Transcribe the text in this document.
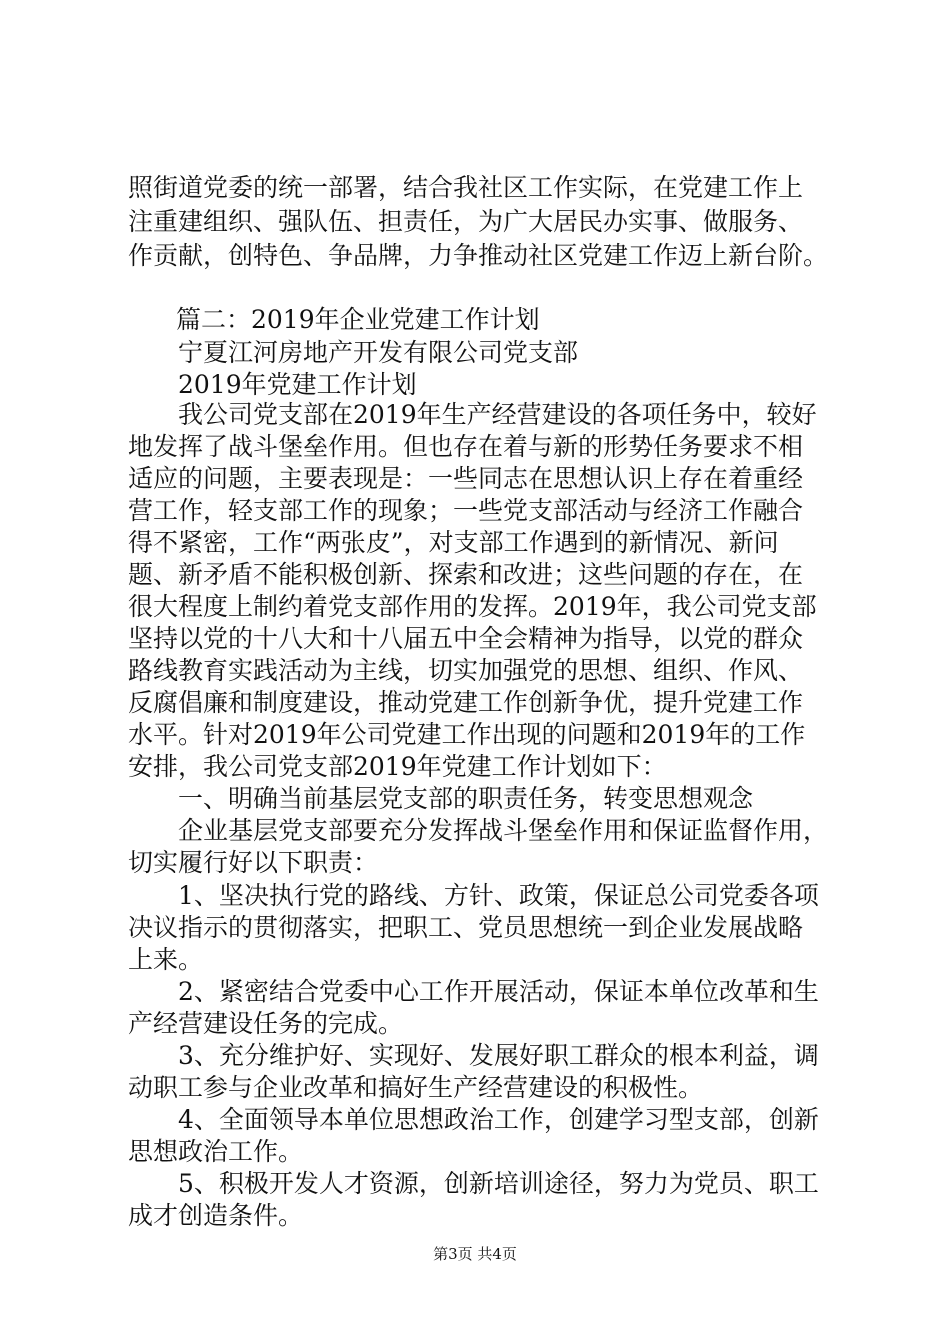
照街道党委的统一部署，结合我社区工作实际，在党建工作上
注重建组织、强队伍、担责任，为广大居民办实事、做服务、
作贡献，创特色、争品牌，力争推动社区党建工作迈上新台阶。
篇二：2019年企业党建工作计划
宁夏江河房地产开发有限公司党支部
2019年党建工作计划
我公司党支部在2019年生产经营建设的各项任务中，较好
地发挥了战斗堡垒作用。但也存在着与新的形势任务要求不相
适应的问题，主要表现是：一些同志在思想认识上存在着重经
营工作，轻支部工作的现象；一些党支部活动与经济工作融合
得不紧密，工作“两张皮”，对支部工作遇到的新情况、新问
题、新矛盾不能积极创新、探索和改进；这些问题的存在，在
很大程度上制约着党支部作用的发挥。2019年，我公司党支部
坚持以党的十八大和十八届五中全会精神为指导，以党的群众
路线教育实践活动为主线，切实加强党的思想、组织、作风、
反腐倡廉和制度建设，推动党建工作创新争优，提升党建工作
水平。针对2019年公司党建工作出现的问题和2019年的工作
安排，我公司党支部2019年党建工作计划如下：
一、明确当前基层党支部的职责任务，转变思想观念
企业基层党支部要充分发挥战斗堡垒作用和保证监督作用，
切实履行好以下职责：
1、坚决执行党的路线、方针、政策，保证总公司党委各项
决议指示的贯彻落实，把职工、党员思想统一到企业发展战略
上来。
2、紧密结合党委中心工作开展活动，保证本单位改革和生
产经营建设任务的完成。
3、充分维护好、实现好、发展好职工群众的根本利益，调
动职工参与企业改革和搞好生产经营建设的积极性。
4、全面领导本单位思想政治工作，创建学习型支部，创新
思想政治工作。
5、积极开发人才资源，创新培训途径，努力为党员、职工
成才创造条件。
第3页 共4页
